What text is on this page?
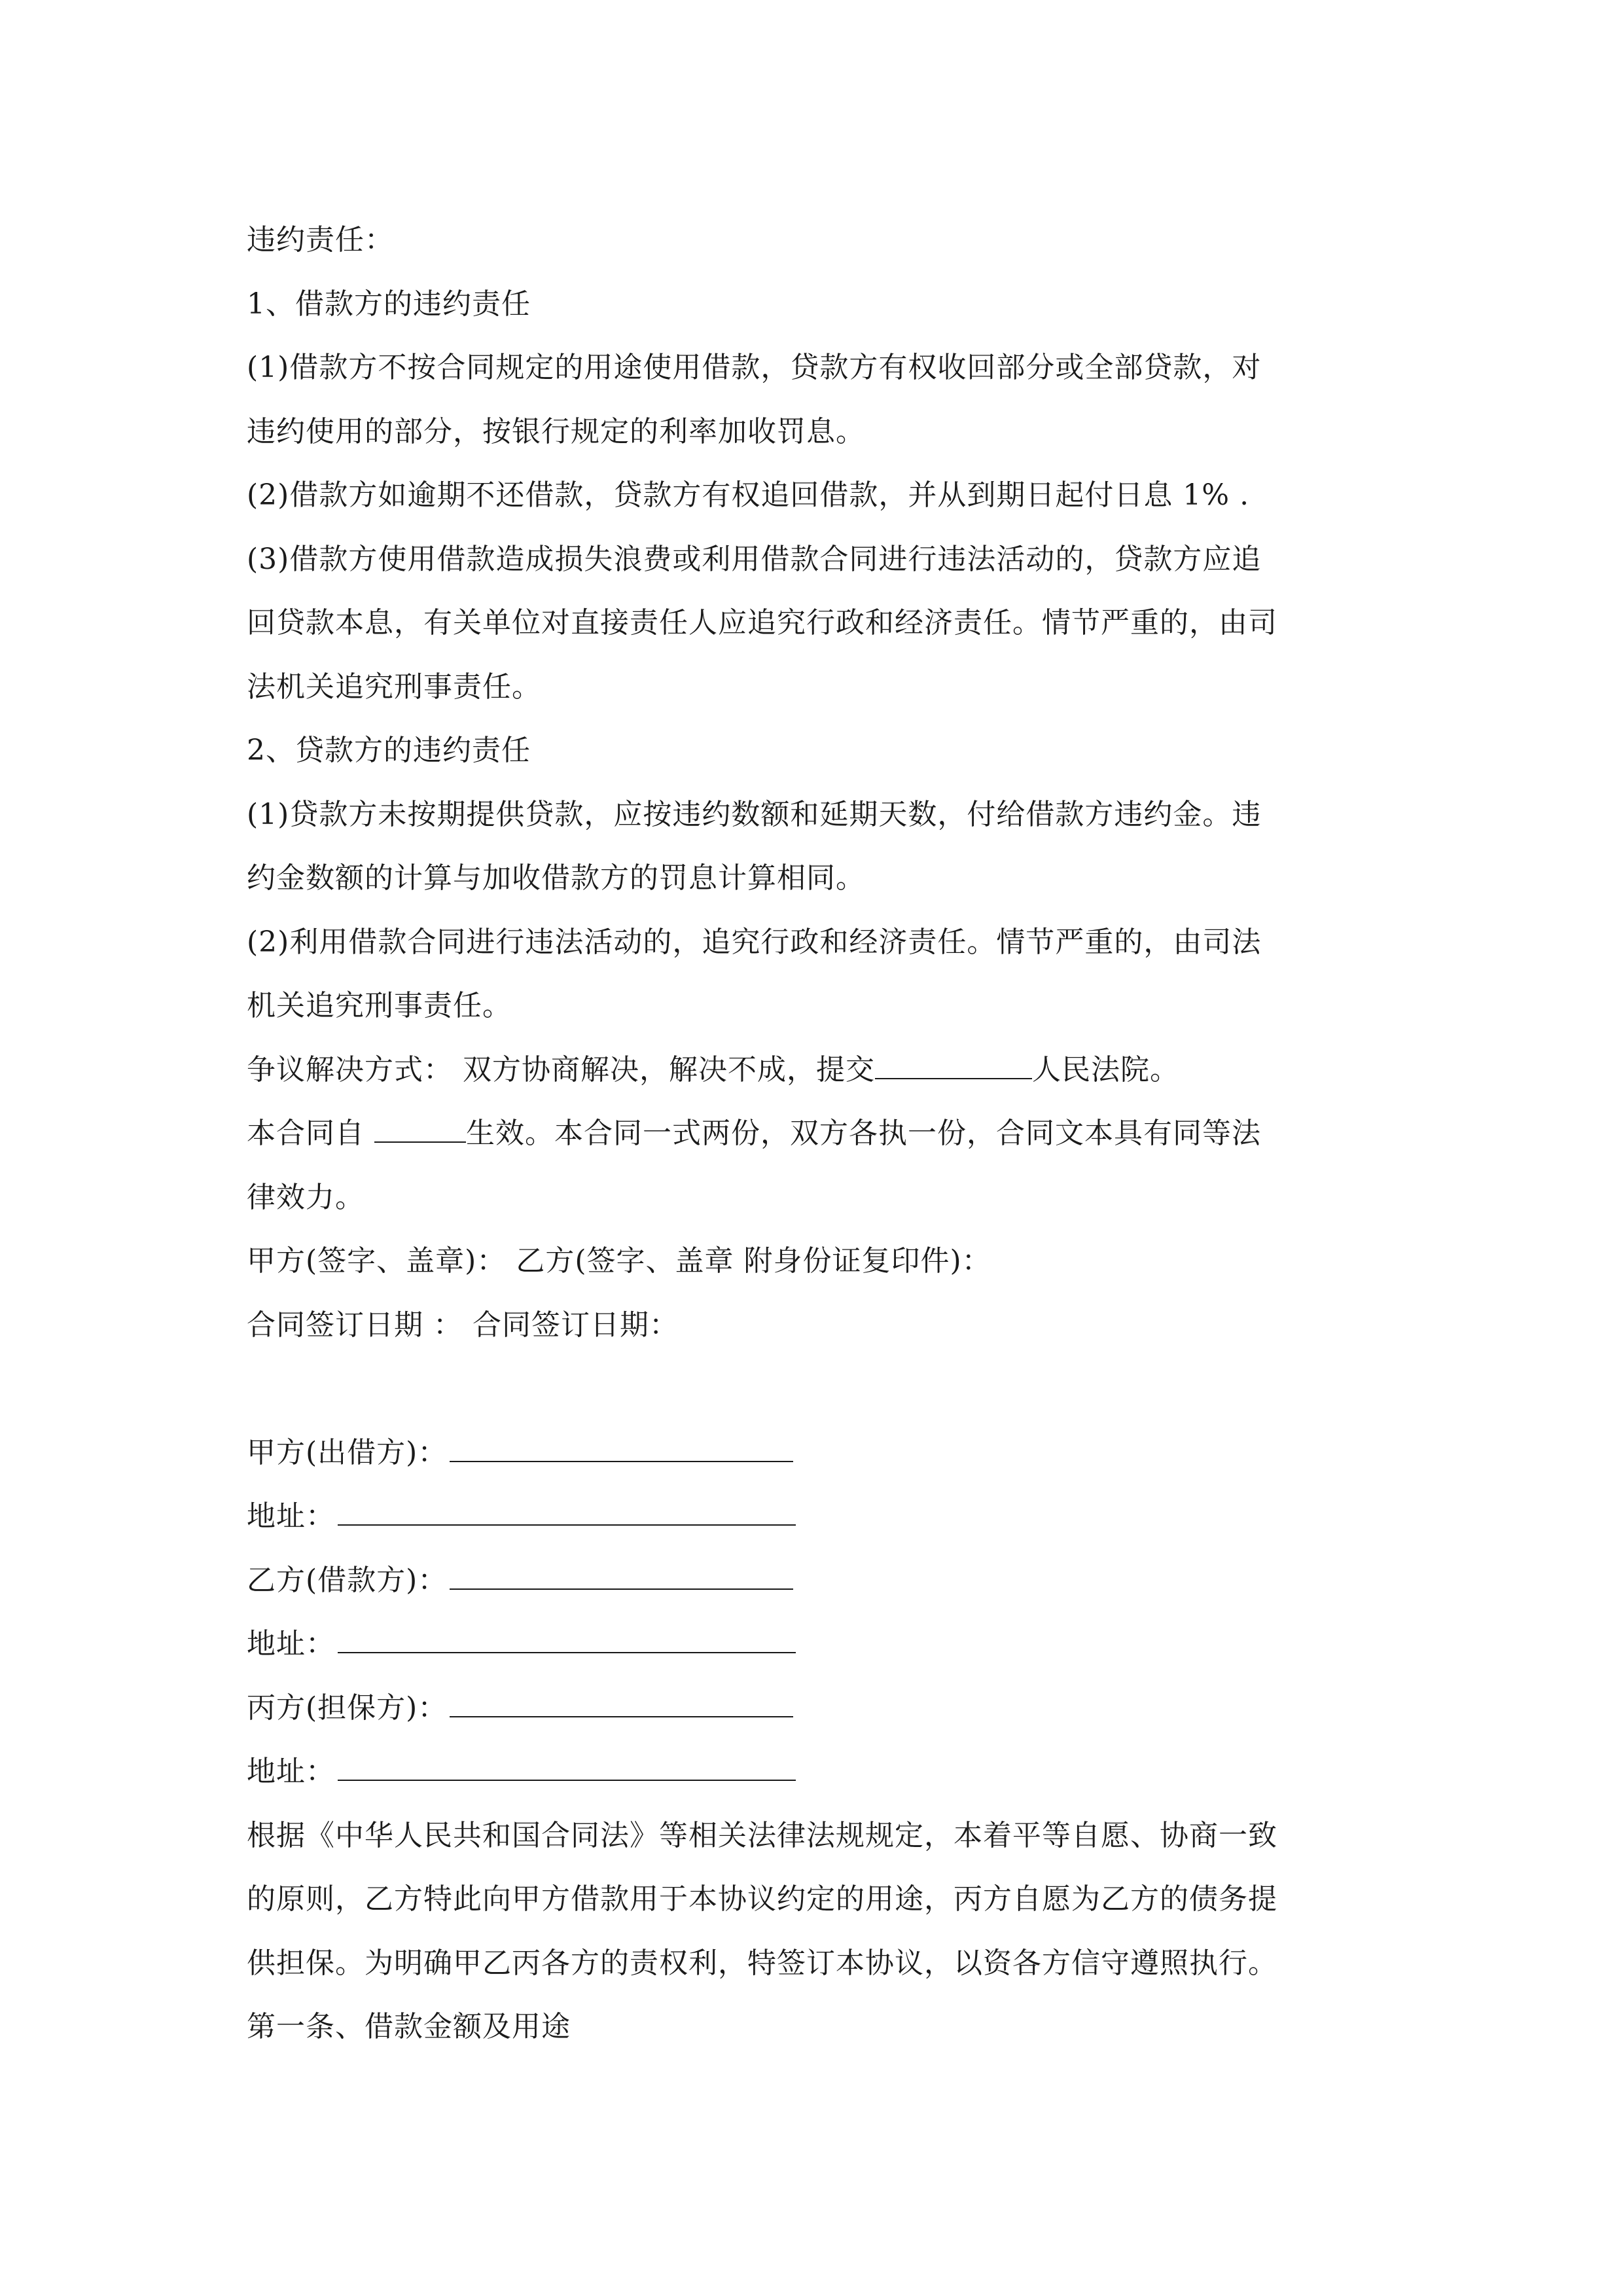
违约责任：
1、借款方的违约责任
(1)借款方不按合同规定的用途使用借款，贷款方有权收回部分或全部贷款，对
违约使用的部分，按银行规定的利率加收罚息。
(2)借款方如逾期不还借款，贷款方有权追回借款，并从到期日起付日息 1% .
(3)借款方使用借款造成损失浪费或利用借款合同进行违法活动的，贷款方应追
回贷款本息，有关单位对直接责任人应追究行政和经济责任。情节严重的，由司
法机关追究刑事责任。
2、贷款方的违约责任
(1)贷款方未按期提供贷款，应按违约数额和延期天数，付给借款方违约金。违
约金数额的计算与加收借款方的罚息计算相同。
(2)利用借款合同进行违法活动的，追究行政和经济责任。情节严重的，由司法
机关追究刑事责任。
争议解决方式： 双方协商解决，解决不成，提交	人民法院。
本合同自	生效。本合同一式两份，双方各执一份，合同文本具有同等法
律效力。
甲方(签字、盖章)： 乙方(签字、盖章 附身份证复印件)：
合同签订日期 ： 合同签订日期：
甲方(出借方)：
地址：
乙方(借款方)：
地址：
丙方(担保方)：
地址：
根据《中华人民共和国合同法》等相关法律法规规定，本着平等自愿、协商一致
的原则，乙方特此向甲方借款用于本协议约定的用途，丙方自愿为乙方的债务提
供担保。为明确甲乙丙各方的责权利，特签订本协议，以资各方信守遵照执行。
第一条、借款金额及用途
